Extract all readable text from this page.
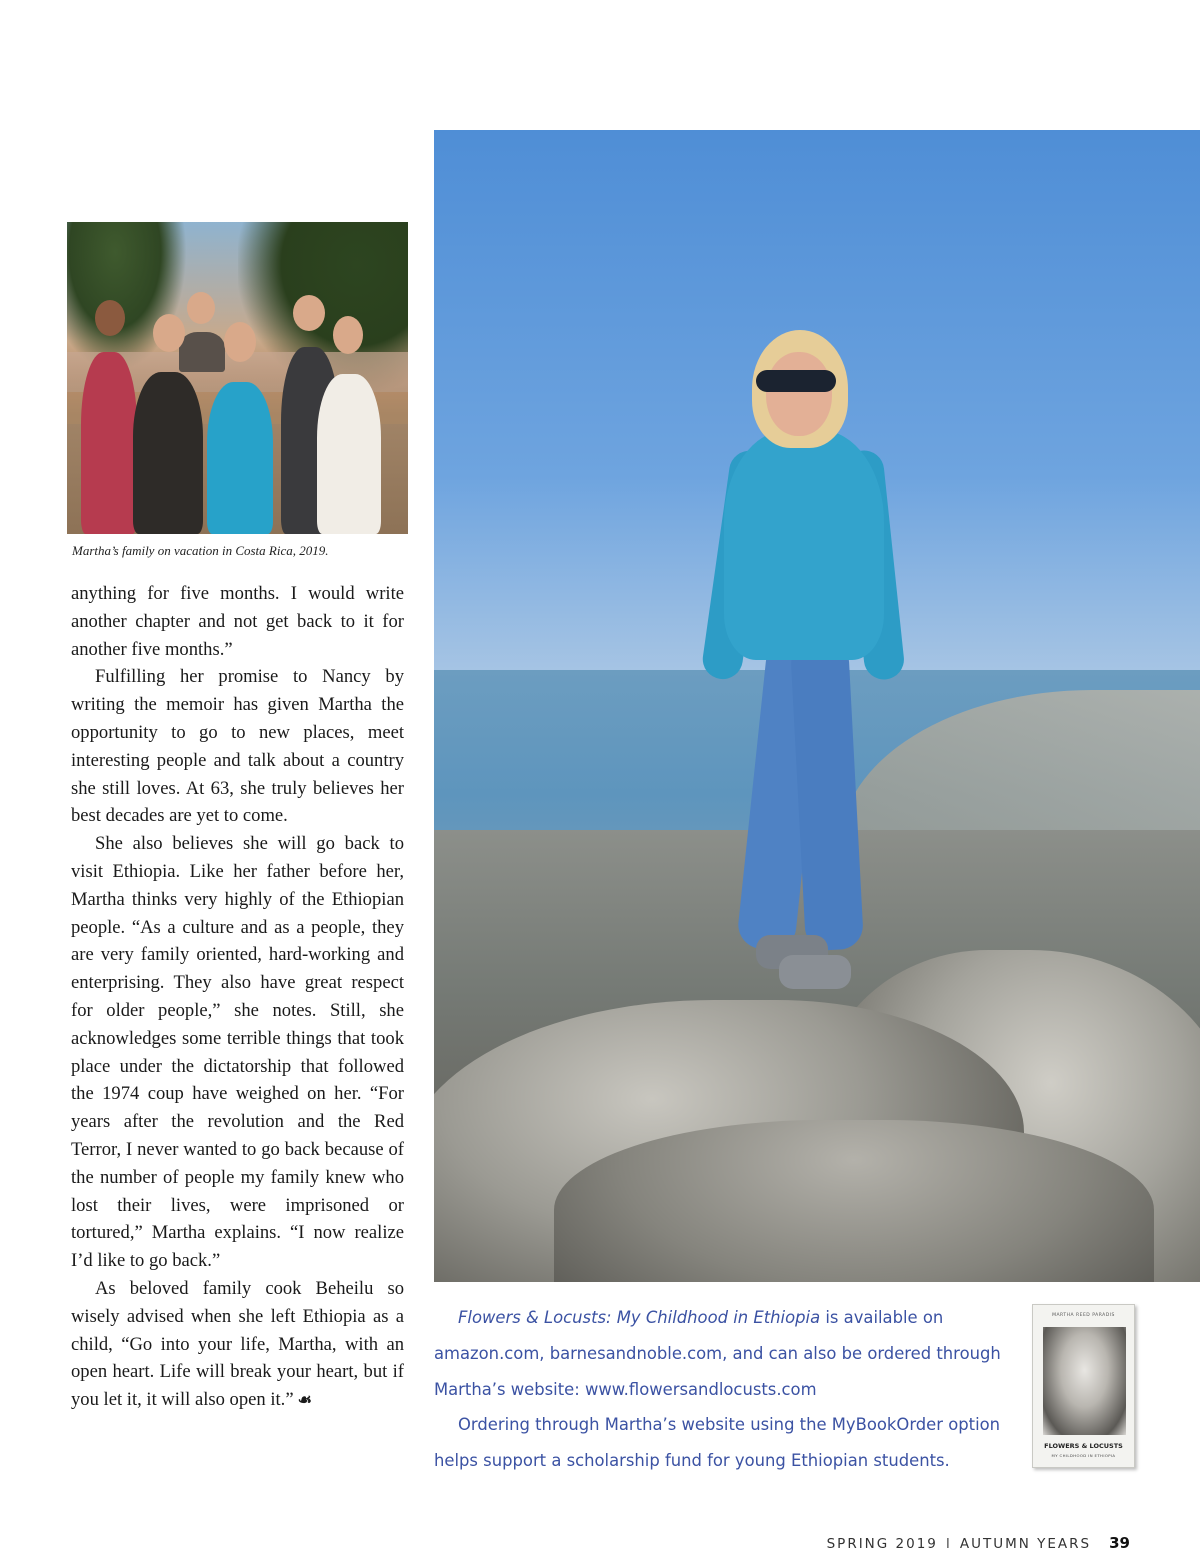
Martha’s family on vacation in Costa Rica, 2019.

anything for five months. I would write another chapter and not get back to it for another five months.”

Fulfilling her promise to Nancy by writing the memoir has given Martha the opportunity to go to new places, meet interesting people and talk about a country she still loves. At 63, she truly believes her best decades are yet to come.

She also believes she will go back to visit Ethiopia. Like her father before her, Martha thinks very highly of the Ethiopian people. “As a culture and as a people, they are very family oriented, hard-working and enterprising. They also have great respect for older people,” she notes. Still, she acknowledges some terrible things that took place under the dictatorship that followed the 1974 coup have weighed on her. “For years after the revolution and the Red Terror, I never wanted to go back because of the number of people my family knew who lost their lives, were imprisoned or tortured,” Martha explains. “I now realize I’d like to go back.”

As beloved family cook Beheilu so wisely advised when she left Ethiopia as a child, “Go into your life, Martha, with an open heart. Life will break your heart, but if you let it, it will also open it.” ☙

Flowers & Locusts: My Childhood in Ethiopia is available on amazon.com, barnesandnoble.com, and can also be ordered through Martha’s website: www.flowersandlocusts.com

Ordering through Martha’s website using the MyBookOrder option helps support a scholarship fund for young Ethiopian students.

MARTHA REED PARADIS
FLOWERS & LOCUSTS
MY CHILDHOOD IN ETHIOPIA
SPRING 2019 I AUTUMN YEARS 39
